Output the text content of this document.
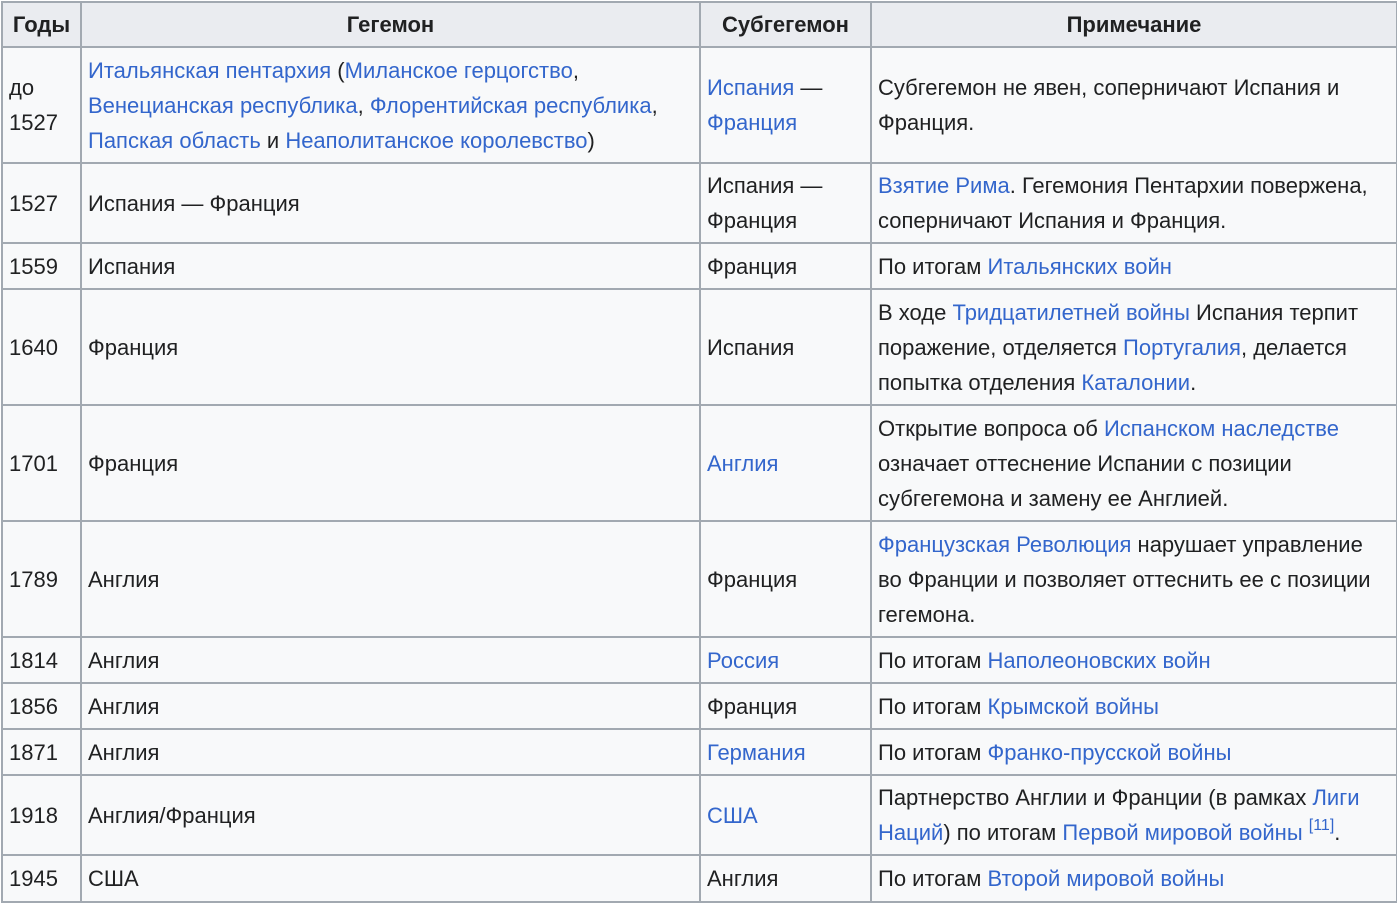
Годы	Гегемон	Субгегемон	Примечание
до 1527	Итальянская пентархия (Миланское герцогство, Венецианская республика, Флорентийская республика, Папская область и Неаполитанское королевство)	Испания — Франция	Субгегемон не явен, соперничают Испания и Франция.
1527	Испания — Франция	Испания — Франция	Взятие Рима. Гегемония Пентархии повержена, соперничают Испания и Франция.
1559	Испания	Франция	По итогам Итальянских войн
1640	Франция	Испания	В ходе Тридцатилетней войны Испания терпит поражение, отделяется Португалия, делается попытка отделения Каталонии.
1701	Франция	Англия	Открытие вопроса об Испанском наследстве означает оттеснение Испании с позиции субгегемона и замену ее Англией.
1789	Англия	Франция	Французская Революция нарушает управление во Франции и позволяет оттеснить ее с позиции гегемона.
1814	Англия	Россия	По итогам Наполеоновских войн
1856	Англия	Франция	По итогам Крымской войны
1871	Англия	Германия	По итогам Франко-прусской войны
1918	Англия/Франция	США	Партнерство Англии и Франции (в рамках Лиги Наций) по итогам Первой мировой войны [11].
1945	США	Англия	По итогам Второй мировой войны
